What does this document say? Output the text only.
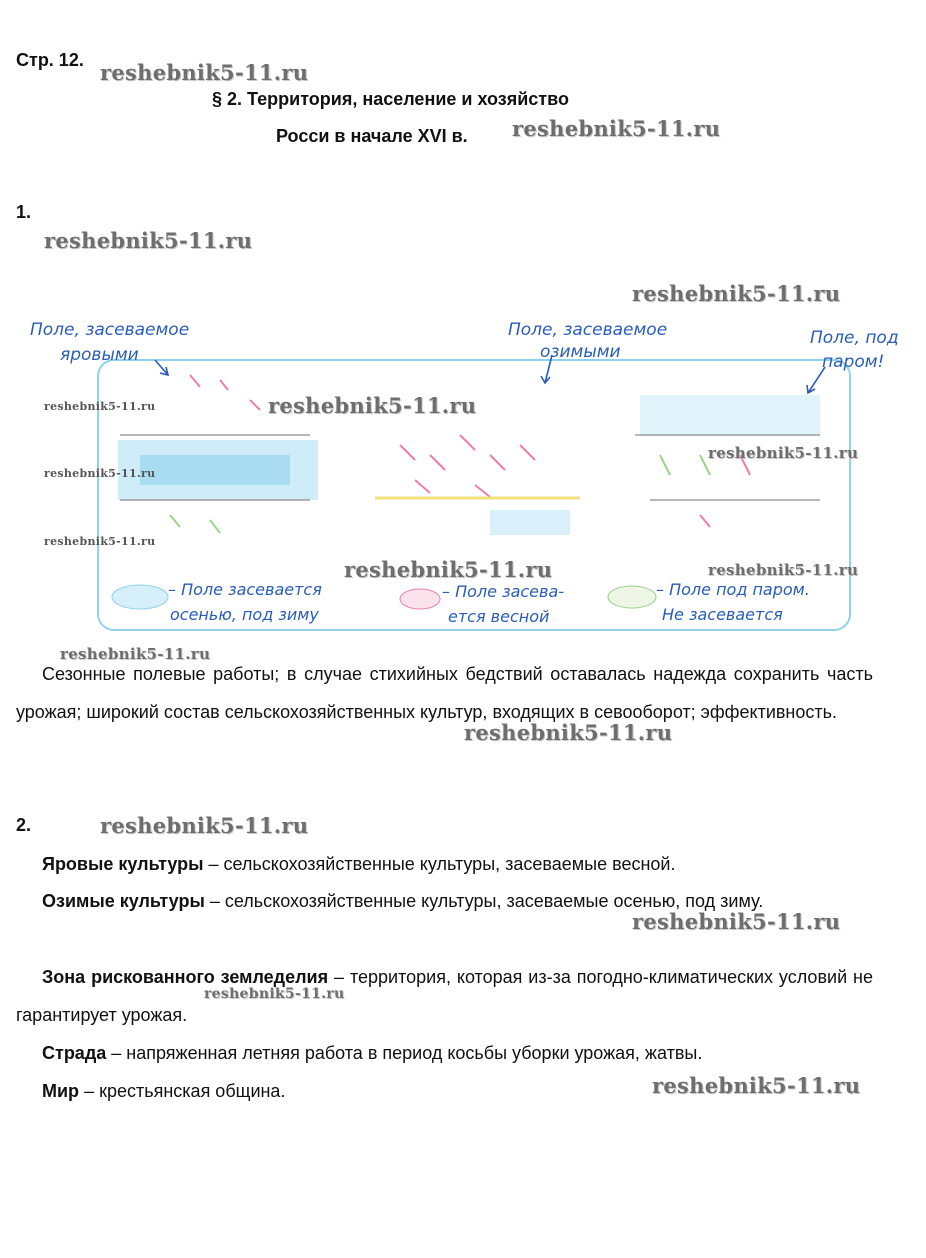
Стр. 12.
§ 2. Территория, население и хозяйство
Росси в начале XVI в.
1.
Поле, засеваемое яровыми
Поле, засеваемое озимыми
Поле, под паром!
– Поле засевается осенью, под зиму
– Поле засева- ется весной
– Поле под паром. Не засевается
Сезонные полевые работы; в случае стихийных бедствий оставалась надежда сохранить часть урожая; широкий состав сельскохозяйственных культур, входящих в севооборот; эффективность.
2.
Яровые культуры – сельскохозяйственные культуры, засеваемые весной.
Озимые культуры – сельскохозяйственные культуры, засеваемые осенью, под зиму.
Зона рискованного земледелия – территория, которая из-за погодно-климатических условий не гарантирует урожая.
Страда – напряженная летняя работа в период косьбы уборки урожая, жатвы.
Мир – крестьянская община.
reshebnik5-11.ru
reshebnik5-11.ru
reshebnik5-11.ru
reshebnik5-11.ru
reshebnik5-11.ru
reshebnik5-11.ru
reshebnik5-11.ru
reshebnik5-11.ru
reshebnik5-11.ru
reshebnik5-11.ru	reshebnik5-11.ru
reshebnik5-11.ru
reshebnik5-11.ru
reshebnik5-11.ru
reshebnik5-11.ru
reshebnik5-11.ru
reshebnik5-11.ru
